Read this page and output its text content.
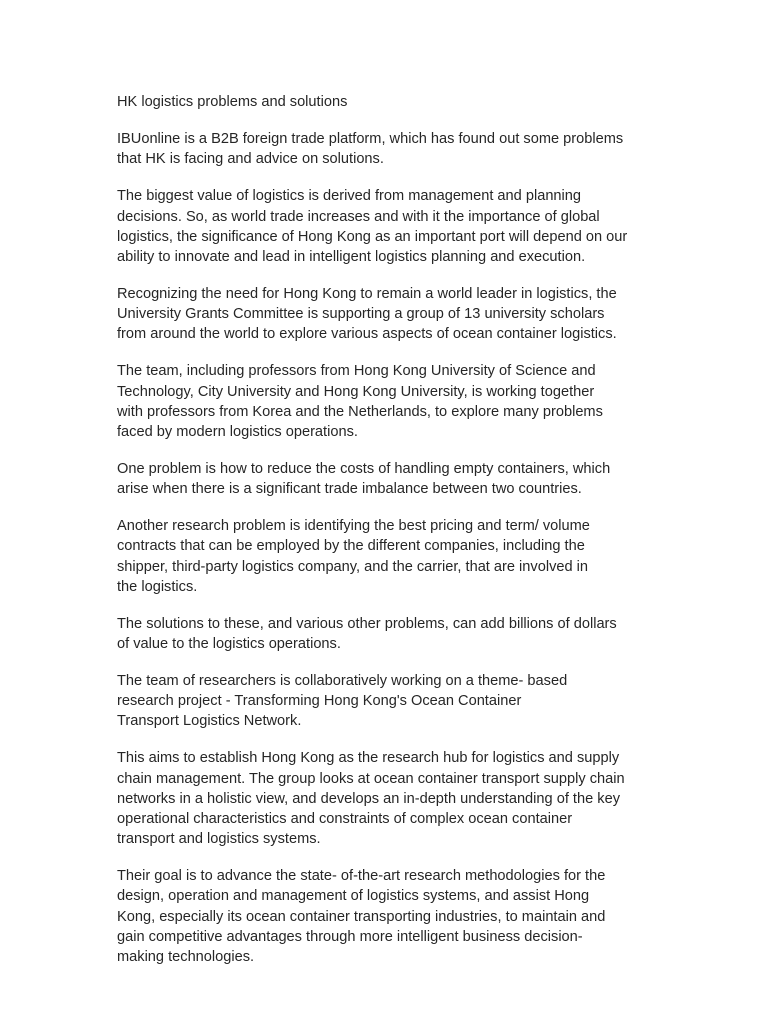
HK logistics problems and solutions

IBUonline is a B2B foreign trade platform, which has found out some problems
that HK is facing and advice on solutions.

The biggest value of logistics is derived from management and planning
decisions. So, as world trade increases and with it the importance of global
logistics, the significance of Hong Kong as an important port will depend on our
ability to innovate and lead in intelligent logistics planning and execution.

Recognizing the need for Hong Kong to remain a world leader in logistics, the
University Grants Committee is supporting a group of 13 university scholars
from around the world to explore various aspects of ocean container logistics.

The team, including professors from Hong Kong University of Science and
Technology, City University and Hong Kong University, is working together
with professors from Korea and the Netherlands, to explore many problems
faced by modern logistics operations.

One problem is how to reduce the costs of handling empty containers, which
arise when there is a significant trade imbalance between two countries.

Another research problem is identifying the best pricing and term/ volume
contracts that can be employed by the different companies, including the
shipper, third-party logistics company, and the carrier, that are involved in
the logistics.

The solutions to these, and various other problems, can add billions of dollars
of value to the logistics operations.

The team of researchers is collaboratively working on a theme- based
research project - Transforming Hong Kong's Ocean Container
Transport Logistics Network.

This aims to establish Hong Kong as the research hub for logistics and supply
chain management. The group looks at ocean container transport supply chain
networks in a holistic view, and develops an in-depth understanding of the key
operational characteristics and constraints of complex ocean container
transport and logistics systems.

Their goal is to advance the state- of-the-art research methodologies for the
design, operation and management of logistics systems, and assist Hong
Kong, especially its ocean container transporting industries, to maintain and
gain competitive advantages through more intelligent business decision-
making technologies.
